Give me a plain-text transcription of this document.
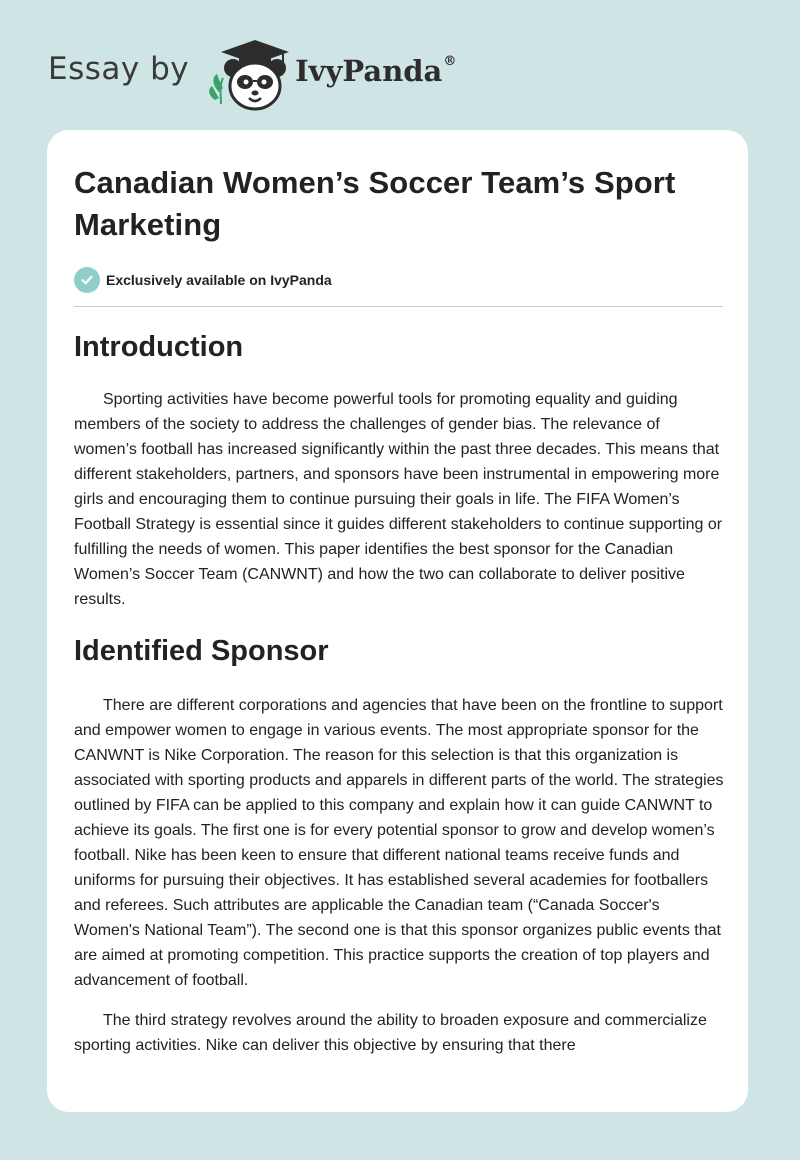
Essay by	IvyPanda®
Canadian Women’s Soccer Team’s Sport Marketing
Exclusively available on IvyPanda
Introduction

Sporting activities have become powerful tools for promoting equality and guiding members of the society to address the challenges of gender bias. The relevance of women’s football has increased significantly within the past three decades. This means that different stakeholders, partners, and sponsors have been instrumental in empowering more girls and encouraging them to continue pursuing their goals in life. The FIFA Women’s Football Strategy is essential since it guides different stakeholders to continue supporting or fulfilling the needs of women. This paper identifies the best sponsor for the Canadian Women’s Soccer Team (CANWNT) and how the two can collaborate to deliver positive results.

Identified Sponsor

There are different corporations and agencies that have been on the frontline to support and empower women to engage in various events. The most appropriate sponsor for the CANWNT is Nike Corporation. The reason for this selection is that this organization is associated with sporting products and apparels in different parts of the world. The strategies outlined by FIFA can be applied to this company and explain how it can guide CANWNT to achieve its goals. The first one is for every potential sponsor to grow and develop women’s football. Nike has been keen to ensure that different national teams receive funds and uniforms for pursuing their objectives. It has established several academies for footballers and referees. Such attributes are applicable the Canadian team (“Canada Soccer's Women's National Team”). The second one is that this sponsor organizes public events that are aimed at promoting competition. This practice supports the creation of top players and advancement of football.

The third strategy revolves around the ability to broaden exposure and commercialize sporting activities. Nike can deliver this objective by ensuring that there
